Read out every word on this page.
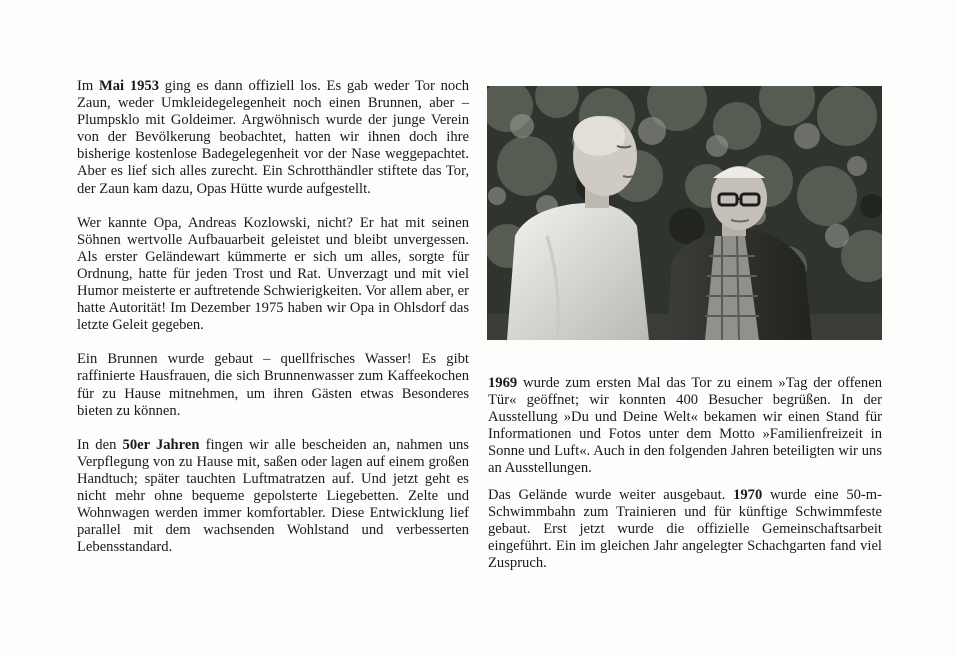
Im Mai 1953 ging es dann offiziell los. Es gab weder Tor noch Zaun, weder Umkleidegelegenheit noch einen Brunnen, aber – Plumpsklo mit Goldeimer. Argwöhnisch wurde der junge Verein von der Bevölkerung beobachtet, hatten wir ihnen doch ihre bisherige kostenlose Badegelegenheit vor der Nase weggepachtet. Aber es lief sich alles zurecht. Ein Schrotthändler stiftete das Tor, der Zaun kam dazu, Opas Hütte wurde aufgestellt.

Wer kannte Opa, Andreas Kozlowski, nicht? Er hat mit seinen Söhnen wertvolle Aufbauarbeit geleistet und bleibt unvergessen. Als erster Geländewart kümmerte er sich um alles, sorgte für Ordnung, hatte für jeden Trost und Rat. Unverzagt und mit viel Humor meisterte er auftretende Schwierigkeiten. Vor allem aber, er hatte Autorität! Im Dezember 1975 haben wir Opa in Ohlsdorf das letzte Geleit gegeben.

Ein Brunnen wurde gebaut – quellfrisches Wasser! Es gibt raffinierte Hausfrauen, die sich Brunnenwasser zum Kaffeekochen für zu Hause mitnehmen, um ihren Gästen etwas Besonderes bieten zu können.

In den 50er Jahren fingen wir alle bescheiden an, nahmen uns Verpflegung von zu Hause mit, saßen oder lagen auf einem großen Handtuch; später tauchten Luftmatratzen auf. Und jetzt geht es nicht mehr ohne bequeme gepolsterte Liegebetten. Zelte und Wohnwagen werden immer komfortabler. Diese Entwicklung lief parallel mit dem wachsenden Wohlstand und verbesserten Lebensstandard.

1969 wurde zum ersten Mal das Tor zu einem »Tag der offenen Tür« geöffnet; wir konnten 400 Besucher begrüßen. In der Ausstellung »Du und Deine Welt« bekamen wir einen Stand für Informationen und Fotos unter dem Motto »Familienfreizeit in Sonne und Luft«. Auch in den folgenden Jahren beteiligten wir uns an Ausstellungen.

Das Gelände wurde weiter ausgebaut. 1970 wurde eine 50-m-Schwimmbahn zum Trainieren und für künftige Schwimmfeste gebaut. Erst jetzt wurde die offizielle Gemeinschaftsarbeit eingeführt. Ein im gleichen Jahr angelegter Schachgarten fand viel Zuspruch.
